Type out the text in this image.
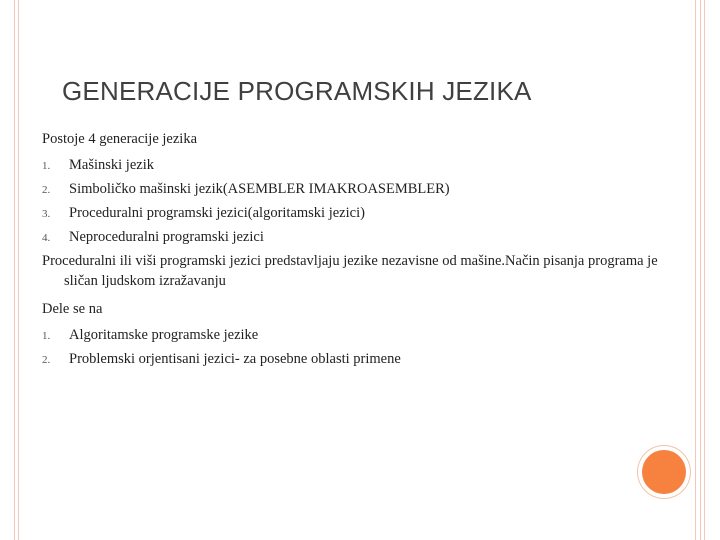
GENERACIJE PROGRAMSKIH JEZIKA
Postoje 4 generacije jezika
1. Mašinski jezik
2. Simboličko mašinski jezik(ASEMBLER IMAKROASEMBLER)
3. Proceduralni programski jezici(algoritamski jezici)
4. Neproceduralni programski jezici
Proceduralni ili viši programski jezici predstavljaju jezike nezavisne od mašine.Način pisanja programa je sličan ljudskom izražavanju
Dele se na
1. Algoritamske programske jezike
2. Problemski orjentisani jezici- za posebne oblasti primene
